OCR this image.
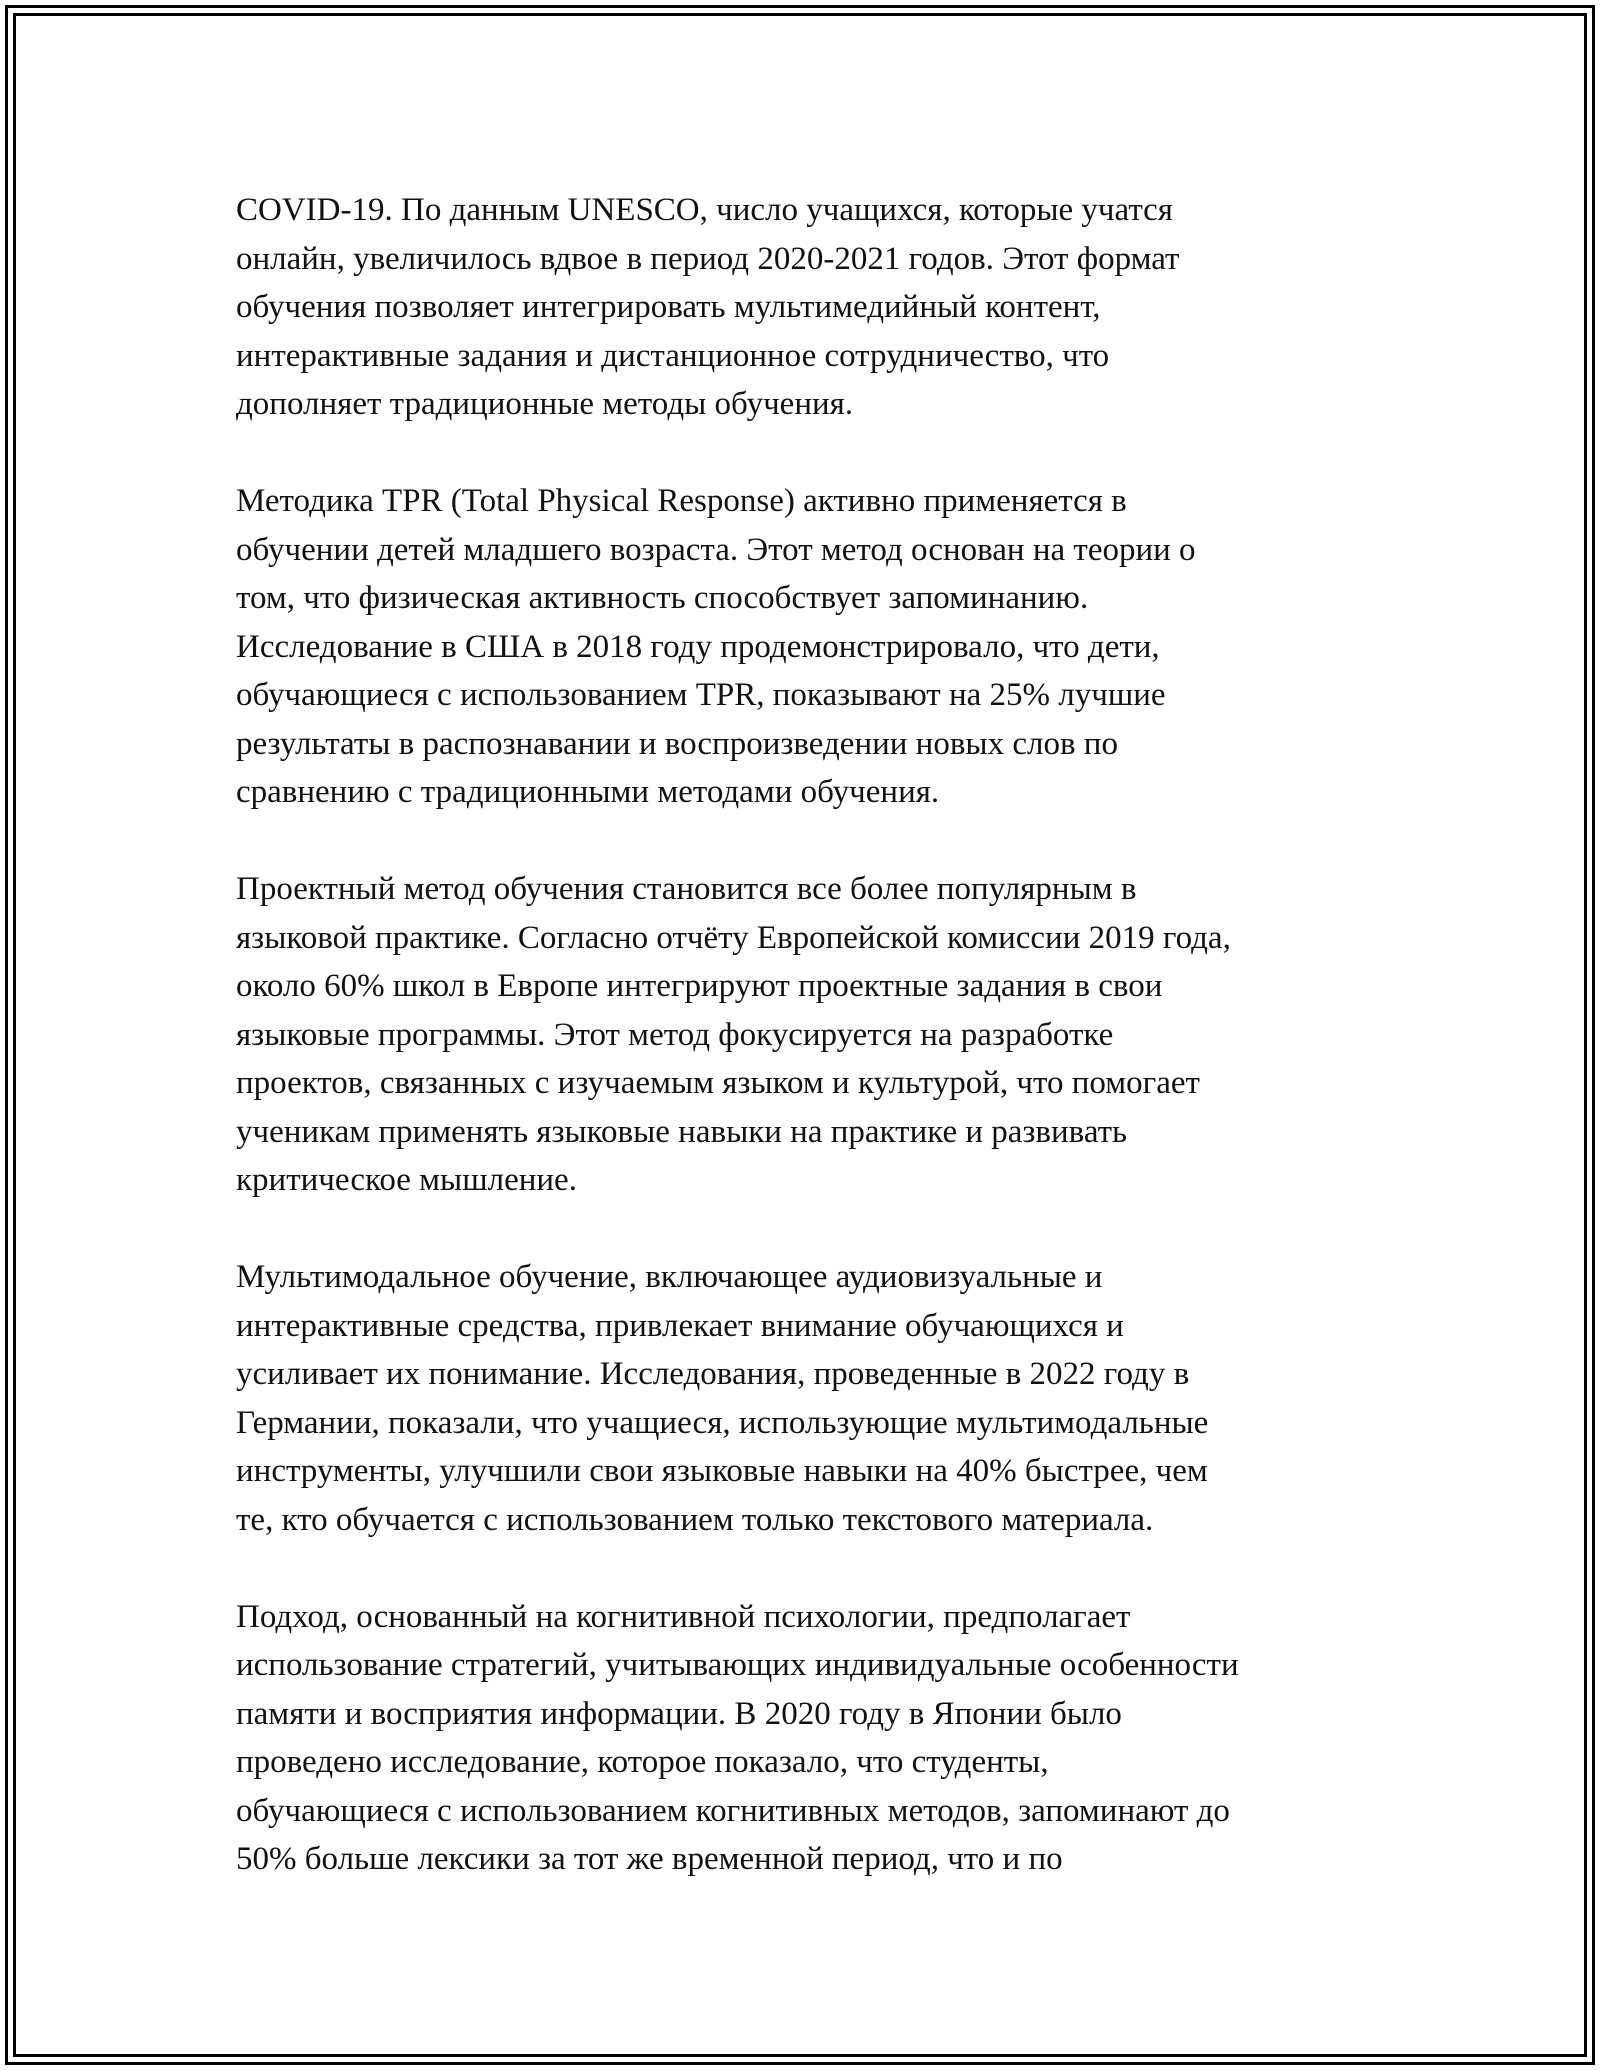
COVID-19. По данным UNESCO, число учащихся, которые учатся
онлайн, увеличилось вдвое в период 2020-2021 годов. Этот формат
обучения позволяет интегрировать мультимедийный контент,
интерактивные задания и дистанционное сотрудничество, что
дополняет традиционные методы обучения.
Методика TPR (Total Physical Response) активно применяется в
обучении детей младшего возраста. Этот метод основан на теории о
том, что физическая активность способствует запоминанию.
Исследование в США в 2018 году продемонстрировало, что дети,
обучающиеся с использованием TPR, показывают на 25% лучшие
результаты в распознавании и воспроизведении новых слов по
сравнению с традиционными методами обучения.
Проектный метод обучения становится все более популярным в
языковой практике. Согласно отчёту Европейской комиссии 2019 года,
около 60% школ в Европе интегрируют проектные задания в свои
языковые программы. Этот метод фокусируется на разработке
проектов, связанных с изучаемым языком и культурой, что помогает
ученикам применять языковые навыки на практике и развивать
критическое мышление.
Мультимодальное обучение, включающее аудиовизуальные и
интерактивные средства, привлекает внимание обучающихся и
усиливает их понимание. Исследования, проведенные в 2022 году в
Германии, показали, что учащиеся, использующие мультимодальные
инструменты, улучшили свои языковые навыки на 40% быстрее, чем
те, кто обучается с использованием только текстового материала.
Подход, основанный на когнитивной психологии, предполагает
использование стратегий, учитывающих индивидуальные особенности
памяти и восприятия информации. В 2020 году в Японии было
проведено исследование, которое показало, что студенты,
обучающиеся с использованием когнитивных методов, запоминают до
50% больше лексики за тот же временной период, что и по
